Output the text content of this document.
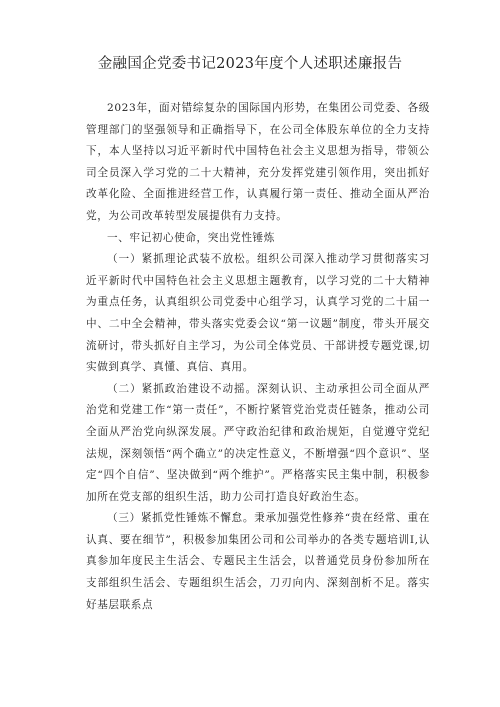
金融国企党委书记2023年度个人述职述廉报告

2023年，面对错综复杂的国际国内形势，在集团公司党委、各级管理部门的坚强领导和正确指导下，在公司全体股东单位的全力支持下，本人坚持以习近平新时代中国特色社会主义思想为指导，带领公司全员深入学习党的二十大精神，充分发挥党建引领作用，突出抓好改革化险、全面推进经营工作，认真履行第一责任、推动全面从严治党，为公司改革转型发展提供有力支持。

一、牢记初心使命，突出党性锤炼

（一）紧抓理论武装不放松。组织公司深入推动学习贯彻落实习近平新时代中国特色社会主义思想主题教育，以学习党的二十大精神为重点任务，认真组织公司党委中心组学习，认真学习党的二十届一中、二中全会精神，带头落实党委会议“第一议题”制度，带头开展交流研讨，带头抓好自主学习，为公司全体党员、干部讲授专题党课,切实做到真学、真懂、真信、真用。

（二）紧抓政治建设不动摇。深刻认识、主动承担公司全面从严治党和党建工作“第一责任”，不断拧紧管党治党责任链条，推动公司全面从严治党向纵深发展。严守政治纪律和政治规矩，自觉遵守党纪法规，深刻领悟“两个确立”的决定性意义，不断增强“四个意识”、坚定“四个自信”、坚决做到“两个维护”。严格落实民主集中制，积极参加所在党支部的组织生活，助力公司打造良好政治生态。

（三）紧抓党性锤炼不懈怠。秉承加强党性修养“贵在经常、重在认真、要在细节”，积极参加集团公司和公司举办的各类专题培训I,认真参加年度民主生活会、专题民主生活会，以普通党员身份参加所在支部组织生活会、专题组织生活会，刀刃向内、深刻剖析不足。落实好基层联系点
